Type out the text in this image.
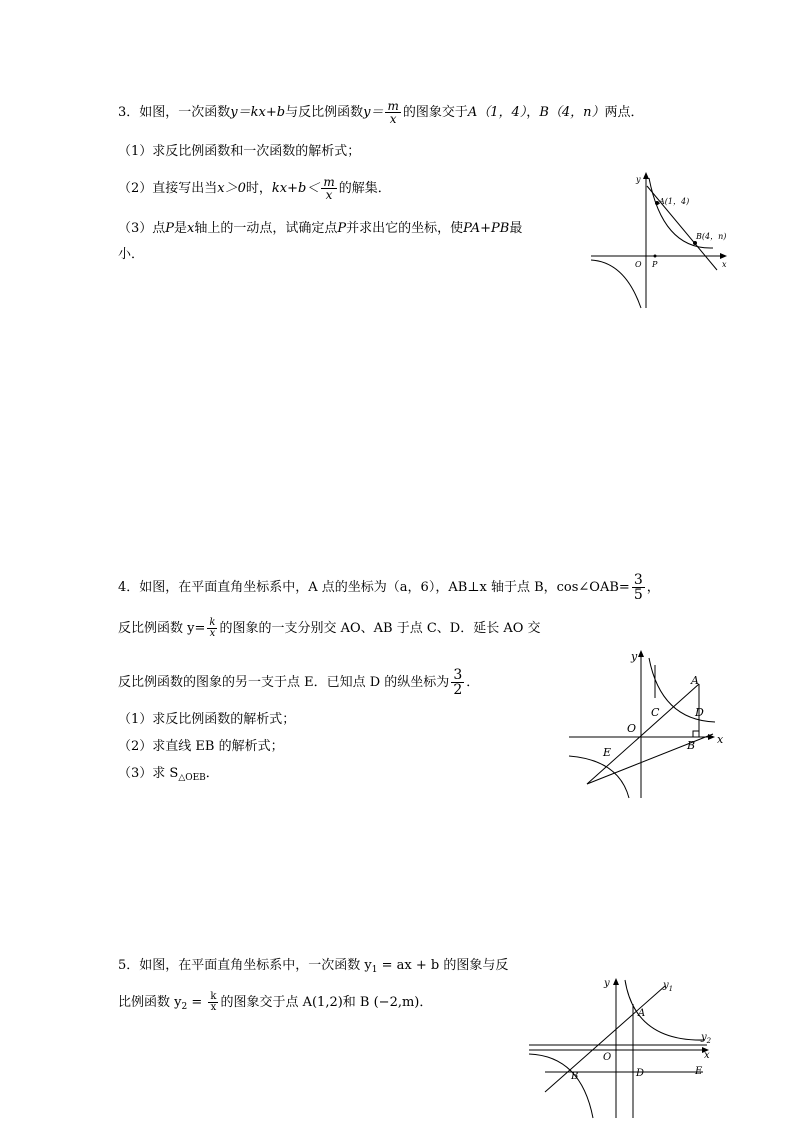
3．如图，一次函数y＝kx+b与反比例函数$y= \frac{m}{x}$ 的图象交于A（1，4），B（4，n）两点．
（1）求反比例函数和一次函数的解析式；
（2）直接写出当x＞0时，$kx+b< \frac{m}{x}$ 的解集．
（3）点P是x轴上的一动点，试确定点P并求出它的坐标，使PA+PB最
小．
y
x
O P
A(1，4)
B(4，n)
4．如图，在平面直角坐标系中，A 点的坐标为（a，6），AB⊥x 轴于点 B，cos∠OAB= $\frac{3}{5}$ ，
反比例函数 $y= \frac{k}{x}$ 的图象的一支分别交 AO、AB 于点 C、D．延长 AO 交
反比例函数的图象的另一支于点 E．已知点 D 的纵坐标为 $\frac{3}{2}$ ．
（1）求反比例函数的解析式；
（2）求直线 EB 的解析式；
（3）求 $S_{\triangle OEB}$．
y
x
O
A
B
C	D
E
5．如图，在平面直角坐标系中，一次函数 $y_1$ = ax + b 的图象与反
比例函数 $y_2 = \frac{k}{x}$ 的图象交于点 A(1,2)和 B (−2,m)．
y
x
O
A
B	D	E
$y_1$
$y_2$
